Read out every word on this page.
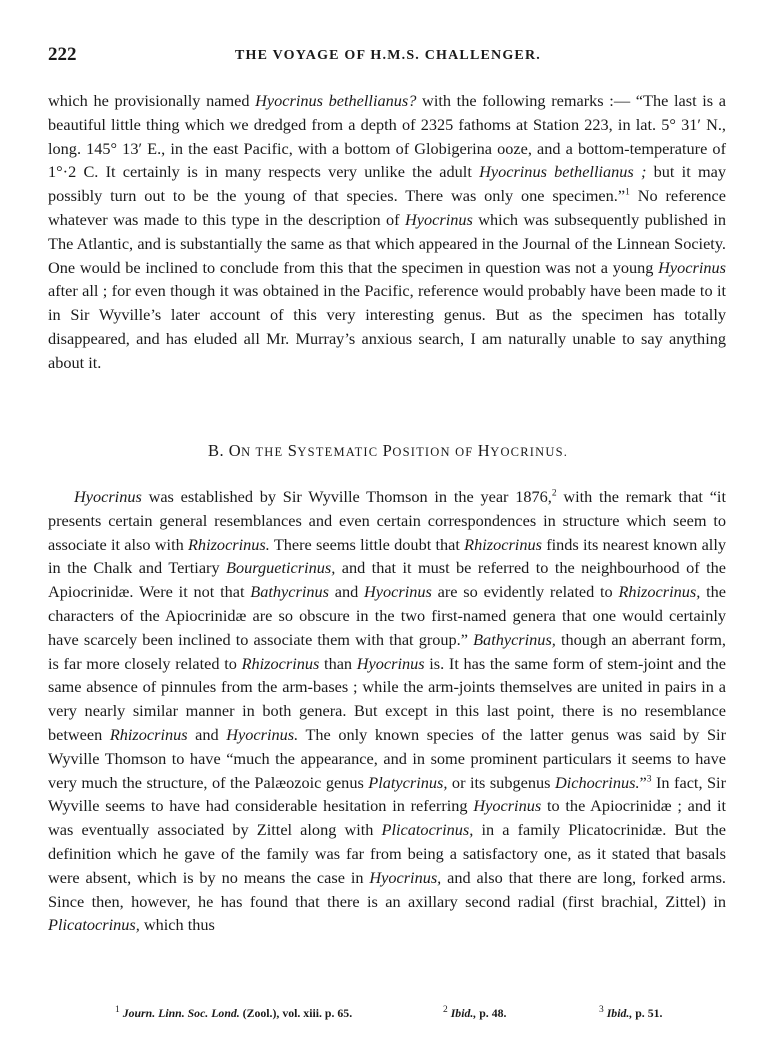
222	THE VOYAGE OF H.M.S. CHALLENGER.

which he provisionally named Hyocrinus bethellianus? with the following remarks :— “The last is a beautiful little thing which we dredged from a depth of 2325 fathoms at Station 223, in lat. 5° 31′ N., long. 145° 13′ E., in the east Pacific, with a bottom of Globigerina ooze, and a bottom-temperature of 1°·2 C. It certainly is in many respects very unlike the adult Hyocrinus bethellianus ; but it may possibly turn out to be the young of that species. There was only one specimen.”$^1$ No reference whatever was made to this type in the description of Hyocrinus which was subsequently published in The Atlantic, and is substantially the same as that which appeared in the Journal of the Linnean Society. One would be inclined to conclude from this that the specimen in question was not a young Hyocrinus after all ; for even though it was obtained in the Pacific, reference would probably have been made to it in Sir Wyville’s later account of this very interesting genus. But as the specimen has totally disappeared, and has eluded all Mr. Murray’s anxious search, I am naturally unable to say anything about it.

B. ON THE SYSTEMATIC POSITION OF HYOCRINUS.

Hyocrinus was established by Sir Wyville Thomson in the year 1876,$^2$ with the remark that “it presents certain general resemblances and even certain correspondences in structure which seem to associate it also with Rhizocrinus. There seems little doubt that Rhizocrinus finds its nearest known ally in the Chalk and Tertiary Bourgueticrinus, and that it must be referred to the neighbourhood of the Apiocrinidæ. Were it not that Bathycrinus and Hyocrinus are so evidently related to Rhizocrinus, the characters of the Apiocrinidæ are so obscure in the two first-named genera that one would certainly have scarcely been inclined to associate them with that group.” Bathycrinus, though an aberrant form, is far more closely related to Rhizocrinus than Hyocrinus is. It has the same form of stem-joint and the same absence of pinnules from the arm-bases ; while the arm-joints themselves are united in pairs in a very nearly similar manner in both genera. But except in this last point, there is no resemblance between Rhizocrinus and Hyocrinus. The only known species of the latter genus was said by Sir Wyville Thomson to have “much the appearance, and in some prominent particulars it seems to have very much the structure, of the Palæozoic genus Platycrinus, or its subgenus Dichocrinus.”$^3$ In fact, Sir Wyville seems to have had considerable hesitation in referring Hyocrinus to the Apiocrinidæ ; and it was eventually associated by Zittel along with Plicatocrinus, in a family Plicatocrinidæ. But the definition which he gave of the family was far from being a satisfactory one, as it stated that basals were absent, which is by no means the case in Hyocrinus, and also that there are long, forked arms. Since then, however, he has found that there is an axillary second radial (first brachial, Zittel) in Plicatocrinus, which thus

$^1$ Journ. Linn. Soc. Lond. (Zool.), vol. xiii. p. 65.	$^2$ Ibid., p. 48.	$^3$ Ibid., p. 51.
